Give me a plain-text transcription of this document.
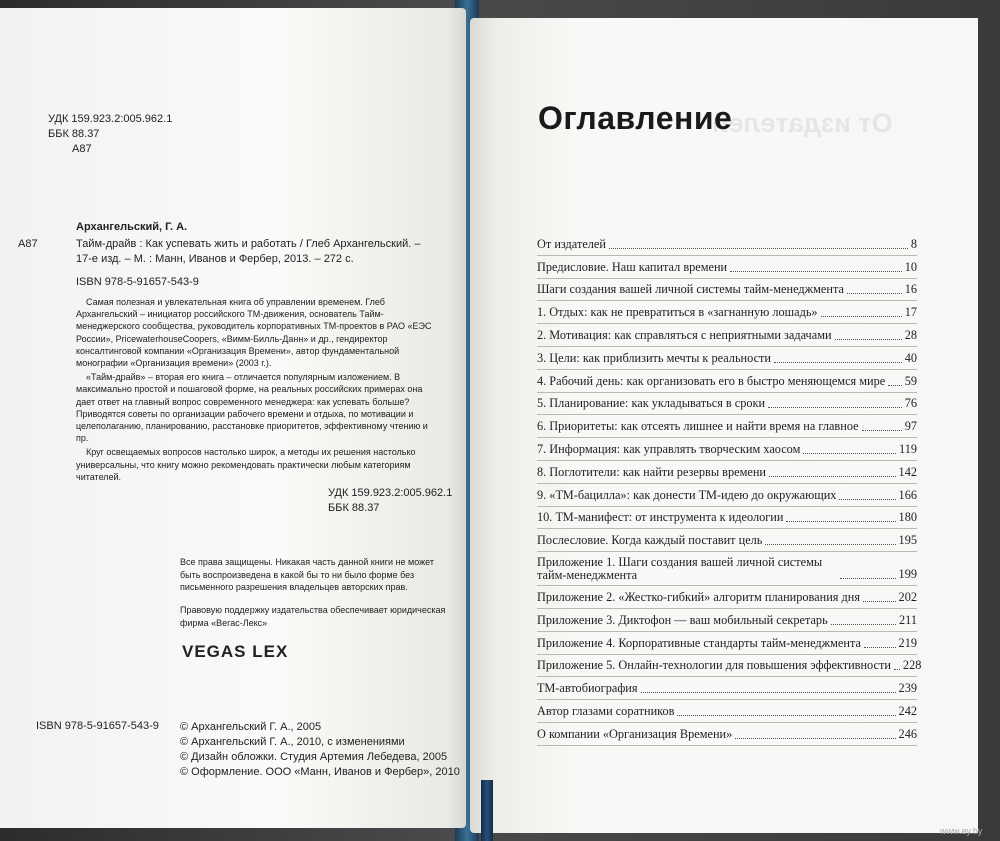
УДК 159.923.2:005.962.1
ББК 88.37
А87
А87
Архангельский, Г. А.
Тайм-драйв : Как успевать жить и работать / Глеб Архангельский. –
17-е изд. – М. : Манн, Иванов и Фербер, 2013. – 272 с.
ISBN 978-5-91657-543-9

Самая полезная и увлекательная книга об управлении временем. Глеб Архангельский – инициатор российского ТМ-движения, основатель Тайм-менеджерского сообщества, руководитель корпоративных ТМ-проектов в РАО «ЕЭС России», PricewaterhouseCoopers, «Вимм-Билль-Данн» и др., гендиректор консалтинговой компании «Организация Времени», автор фундаментальной монографии «Организация времени» (2003 г.).

«Тайм-драйв» – вторая его книга – отличается популярным изложением. В максимально простой и пошаговой форме, на реальных российских примерах она дает ответ на главный вопрос современного менеджера: как успевать больше? Приводятся советы по организации рабочего времени и отдыха, по мотивации и целеполаганию, планированию, расстановке приоритетов, эффективному чтению и пр.

Круг освещаемых вопросов настолько широк, а методы их решения настолько универсальны, что книгу можно рекомендовать практически любым категориям читателей.

УДК 159.923.2:005.962.1
ББК 88.37
Все права защищены. Никакая часть данной книги не может быть воспроизведена в какой бы то ни было форме без письменного разрешения владельцев авторских прав.
Правовую поддержку издательства обеспечивает юридическая фирма «Вегас-Лекс»
VEGAS LEX
ISBN 978-5-91657-543-9 © Архангельский Г. А., 2005
© Архангельский Г. А., 2010, с изменениями
© Дизайн обложки. Студия Артемия Лебедева, 2005
© Оформление. ООО «Манн, Иванов и Фербер», 2010
От издателей
Оглавление
От издателей	8
Предисловие. Наш капитал времени	10
Шаги создания вашей личной системы тайм-менеджмента	16
1. Отдых: как не превратиться в «загнанную лошадь»	17
2. Мотивация: как справляться с неприятными задачами	28
3. Цели: как приблизить мечты к реальности	40
4. Рабочий день: как организовать его в быстро меняющемся мире 59
5. Планирование: как укладываться в сроки	76
6. Приоритеты: как отсеять лишнее и найти время на главное	97
7. Информация: как управлять творческим хаосом	119
8. Поглотители: как найти резервы времени	142
9. «ТМ-бацилла»: как донести ТМ-идею до окружающих	166
10. ТМ-манифест: от инструмента к идеологии	180
Послесловие. Когда каждый поставит цель	195
Приложение 1. Шаги создания вашей личной системы тайм-менеджмента	199
Приложение 2. «Жестко-гибкий» алгоритм планирования дня	202
Приложение 3. Диктофон — ваш мобильный секретарь	211
Приложение 4. Корпоративные стандарты тайм-менеджмента	219
Приложение 5. Онлайн-технологии для повышения эффективности 228
ТМ-автобиография	239
Автор глазами соратников	242
О компании «Организация Времени»	246
www.ay.by
